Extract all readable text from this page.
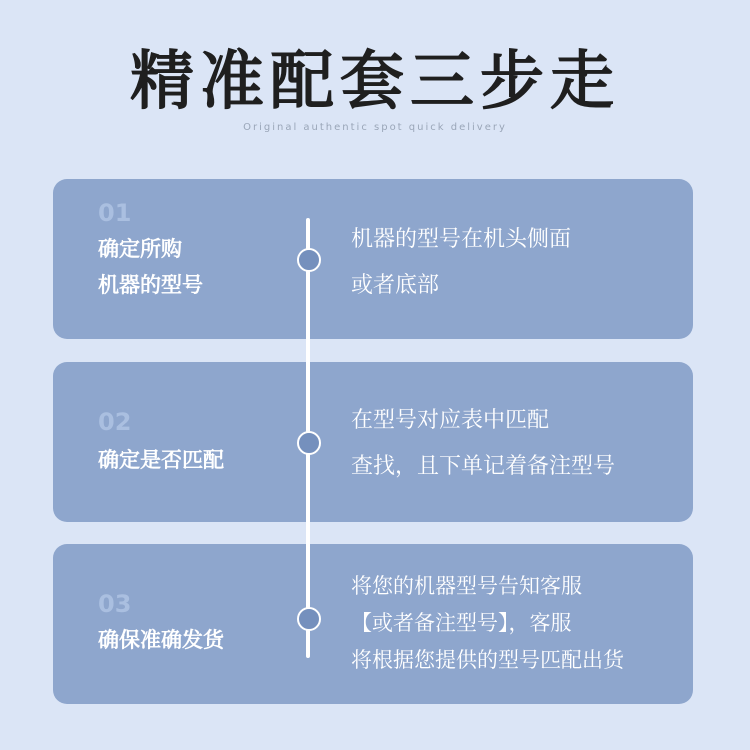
精准配套三步走
Original authentic spot quick delivery
01
确定所购
机器的型号
机器的型号在机头侧面
或者底部
02
确定是否匹配
在型号对应表中匹配
查找，且下单记着备注型号
03
确保准确发货
将您的机器型号告知客服
【或者备注型号】，客服
将根据您提供的型号匹配出货
